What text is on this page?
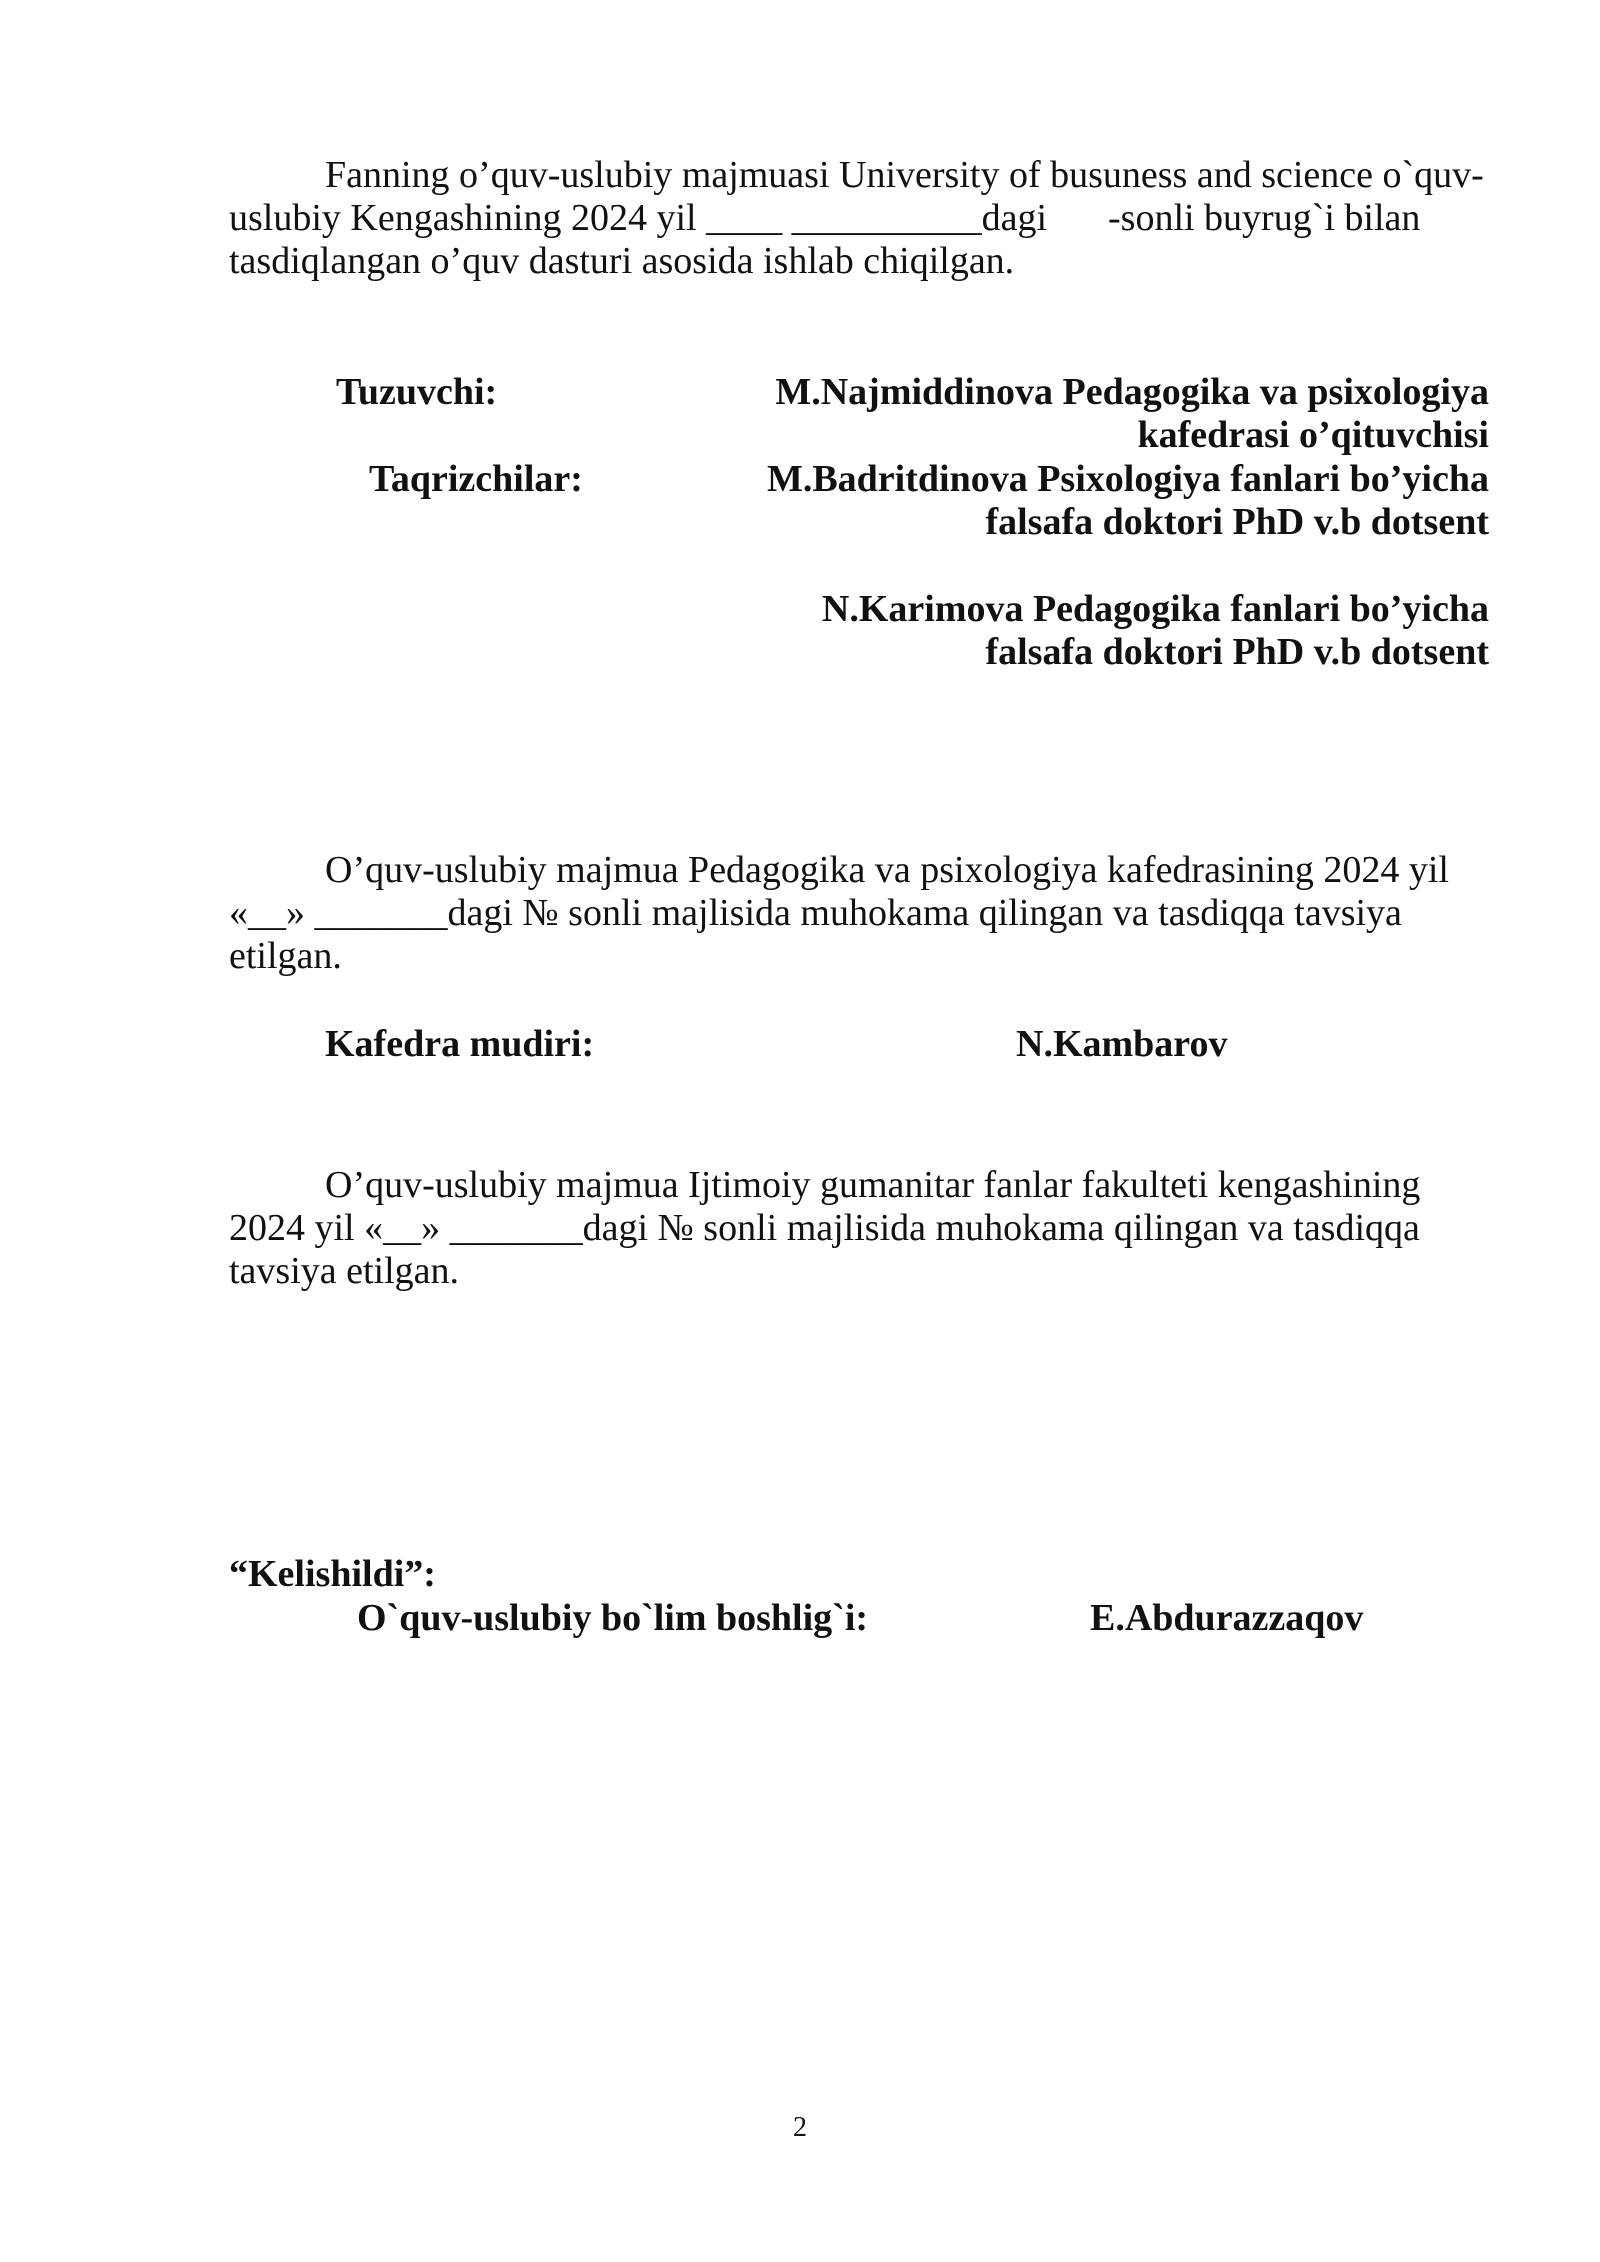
Fanning o’quv-uslubiy majmuasi University of busuness and science o`quv-
uslubiy Kengashining 2024 yil ____ __________dagi -sonli buyrug`i bilan
tasdiqlangan o’quv dasturi asosida ishlab chiqilgan.
Tuzuvchi:	M.Najmiddinova Pedagogika va psixologiya
kafedrasi o’qituvchisi
Taqrizchilar:	M.Badritdinova Psixologiya fanlari bo’yicha
falsafa doktori PhD v.b dotsent
N.Karimova Pedagogika fanlari bo’yicha
falsafa doktori PhD v.b dotsent
O’quv-uslubiy majmua Pedagogika va psixologiya kafedrasining 2024 yil
«__» _______dagi № sonli majlisida muhokama qilingan va tasdiqqa tavsiya
etilgan.
Kafedra mudiri:	N.Kambarov
O’quv-uslubiy majmua Ijtimoiy gumanitar fanlar fakulteti kengashining
2024 yil «__» _______dagi № sonli majlisida muhokama qilingan va tasdiqqa
tavsiya etilgan.
“Kelishildi”:
O`quv-uslubiy bo`lim boshlig`i:	E.Abdurazzaqov
2
